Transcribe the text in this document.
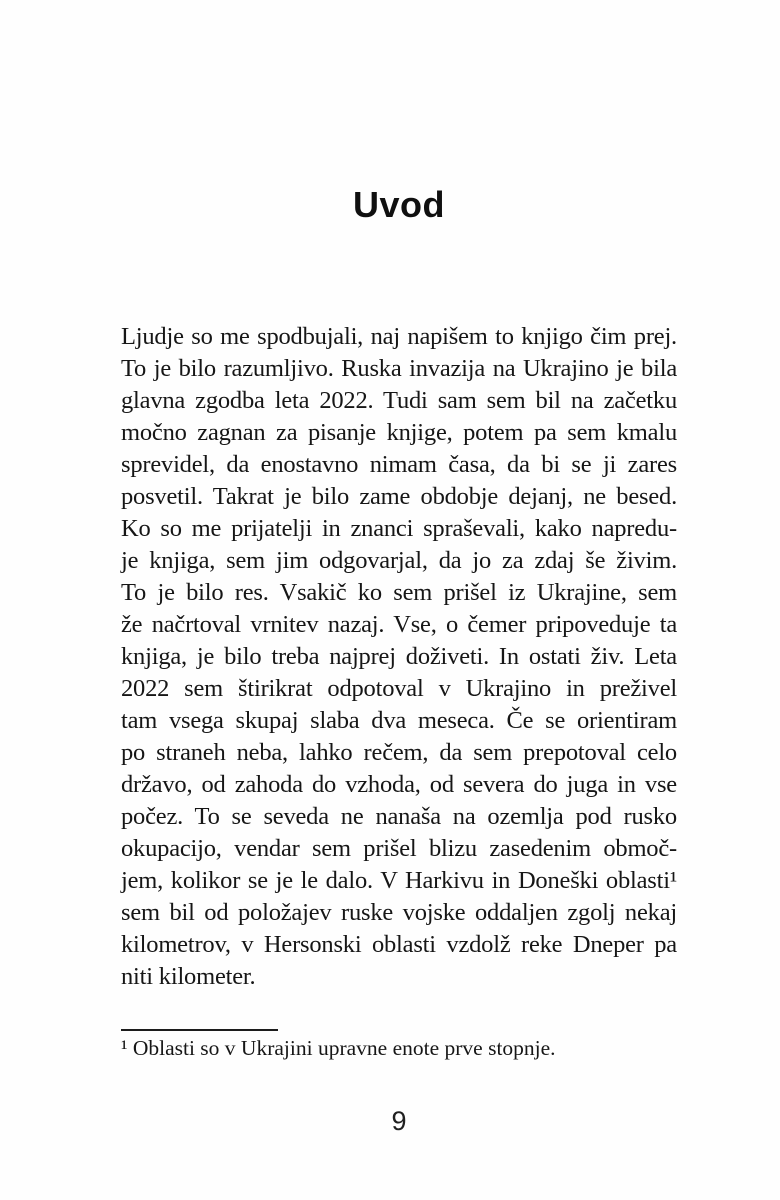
Uvod
Ljudje so me spodbujali, naj napišem to knjigo čim prej.
To je bilo razumljivo. Ruska invazija na Ukrajino je bila
glavna zgodba leta 2022. Tudi sam sem bil na začetku
močno zagnan za pisanje knjige, potem pa sem kmalu
sprevidel, da enostavno nimam časa, da bi se ji zares
posvetil. Takrat je bilo zame obdobje dejanj, ne besed.
Ko so me prijatelji in znanci spraševali, kako napredu-
je knjiga, sem jim odgovarjal, da jo za zdaj še živim.
To je bilo res. Vsakič ko sem prišel iz Ukrajine, sem
že načrtoval vrnitev nazaj. Vse, o čemer pripoveduje ta
knjiga, je bilo treba najprej doživeti. In ostati živ. Leta
2022 sem štirikrat odpotoval v Ukrajino in preživel
tam vsega skupaj slaba dva meseca. Če se orientiram
po straneh neba, lahko rečem, da sem prepotoval celo
državo, od zahoda do vzhoda, od severa do juga in vse
počez. To se seveda ne nanaša na ozemlja pod rusko
okupacijo, vendar sem prišel blizu zasedenim območ-
jem, kolikor se je le dalo. V Harkivu in Doneški oblasti¹
sem bil od položajev ruske vojske oddaljen zgolj nekaj
kilometrov, v Hersonski oblasti vzdolž reke Dneper pa
niti kilometer.
¹ Oblasti so v Ukrajini upravne enote prve stopnje.
9
